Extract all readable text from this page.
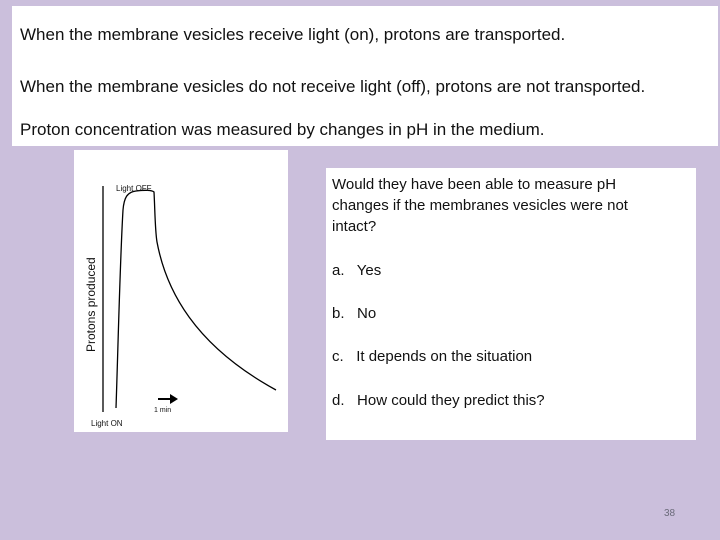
When the membrane vesicles receive light (on), protons are transported.

When the membrane vesicles do not receive light (off), protons are not transported.

Proton concentration was measured by changes in pH in the medium.

Protons produced
Light OFF
1 min
Light ON

Would they have been able to measure pH changes if the membranes vesicles were not intact?

a. Yes

b. No

c. It depends on the situation

d. How could they predict this?

38
